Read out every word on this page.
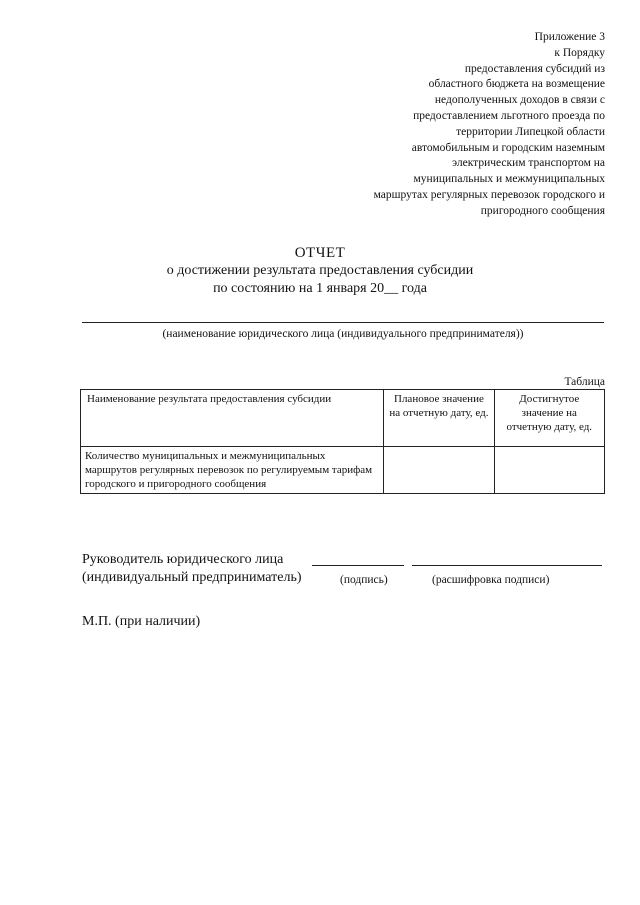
Приложение 3
к Порядку
предоставления субсидий из
областного бюджета на возмещение
недополученных доходов в связи с
предоставлением льготного проезда по
территории Липецкой области
автомобильным и городским наземным
электрическим транспортом на
муниципальных и межмуниципальных
маршрутах регулярных перевозок городского и
пригородного сообщения
ОТЧЕТ
о достижении результата предоставления субсидии
по состоянию на 1 января 20__ года
(наименование юридического лица (индивидуального предпринимателя))
Таблица
Наименование результата предоставления субсидии	Плановое значение на отчетную дату, ед.	Достигнутое значение на отчетную дату, ед.
Количество муниципальных и межмуниципальных маршрутов регулярных перевозок по регулируемым тарифам городского и пригородного сообщения		
Руководитель юридического лица
(индивидуальный предприниматель)	(подпись)	(расшифровка подписи)
М.П. (при наличии)
